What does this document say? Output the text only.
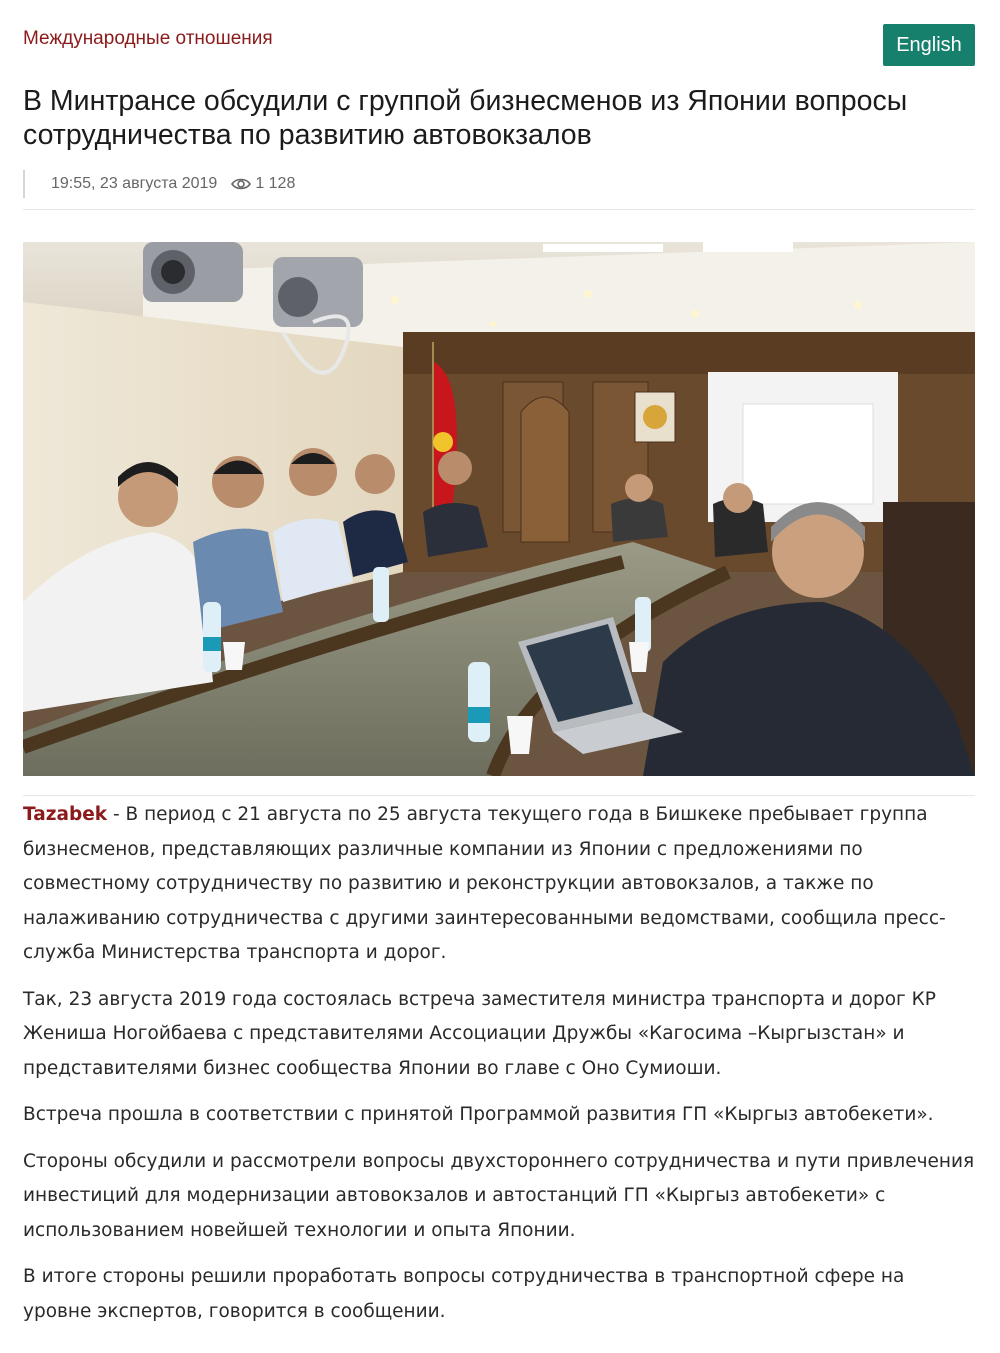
Международные отношения	English
В Минтрансе обсудили с группой бизнесменов из Японии вопросы сотрудничества по развитию автовокзалов
19:55, 23 августа 2019 1 128

Tazabek - В период с 21 августа по 25 августа текущего года в Бишкеке пребывает группа бизнесменов, представляющих различные компании из Японии с предложениями по совместному сотрудничеству по развитию и реконструкции автовокзалов, а также по налаживанию сотрудничества с другими заинтересованными ведомствами, сообщила пресс-служба Министерства транспорта и дорог.

Так, 23 августа 2019 года состоялась встреча заместителя министра транспорта и дорог КР Жениша Ногойбаева с представителями Ассоциации Дружбы «Кагосима –Кыргызстан» и представителями бизнес сообщества Японии во главе с Оно Сумиоши.

Встреча прошла в соответствии с принятой Программой развития ГП «Кыргыз автобекети».

Стороны обсудили и рассмотрели вопросы двухстороннего сотрудничества и пути привлечения инвестиций для модернизации автовокзалов и автостанций ГП «Кыргыз автобекети» с использованием новейшей технологии и опыта Японии.

В итоге стороны решили проработать вопросы сотрудничества в транспортной сфере на уровне экспертов, говорится в сообщении.
